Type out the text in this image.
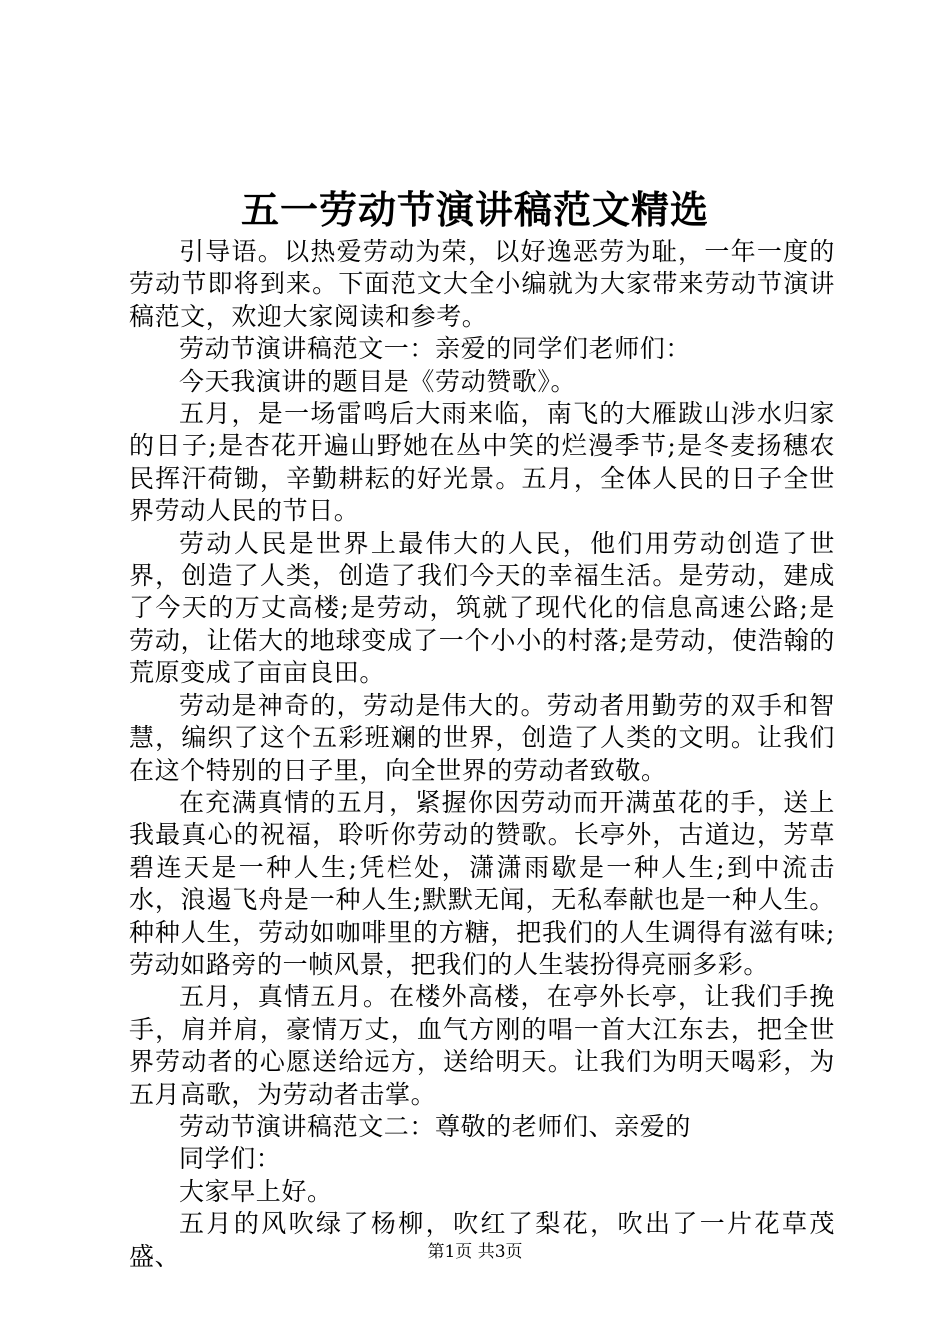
五一劳动节演讲稿范文精选

引导语。以热爱劳动为荣，以好逸恶劳为耻，一年一度的劳动节即将到来。下面范文大全小编就为大家带来劳动节演讲稿范文，欢迎大家阅读和参考。

劳动节演讲稿范文一：亲爱的同学们老师们：

今天我演讲的题目是《劳动赞歌》。

五月，是一场雷鸣后大雨来临，南飞的大雁跋山涉水归家的日子;是杏花开遍山野她在丛中笑的烂漫季节;是冬麦扬穗农民挥汗荷锄，辛勤耕耘的好光景。五月，全体人民的日子全世界劳动人民的节日。

劳动人民是世界上最伟大的人民，他们用劳动创造了世界，创造了人类，创造了我们今天的幸福生活。是劳动，建成了今天的万丈高楼;是劳动，筑就了现代化的信息高速公路;是劳动，让偌大的地球变成了一个小小的村落;是劳动，使浩翰的荒原变成了亩亩良田。

劳动是神奇的，劳动是伟大的。劳动者用勤劳的双手和智慧，编织了这个五彩班斓的世界，创造了人类的文明。让我们在这个特别的日子里，向全世界的劳动者致敬。

在充满真情的五月，紧握你因劳动而开满茧花的手，送上我最真心的祝福，聆听你劳动的赞歌。长亭外，古道边，芳草碧连天是一种人生;凭栏处，潇潇雨歇是一种人生;到中流击水，浪遏飞舟是一种人生;默默无闻，无私奉献也是一种人生。种种人生，劳动如咖啡里的方糖，把我们的人生调得有滋有味;劳动如路旁的一帧风景，把我们的人生装扮得亮丽多彩。

五月，真情五月。在楼外高楼，在亭外长亭，让我们手挽手，肩并肩，豪情万丈，血气方刚的唱一首大江东去，把全世界劳动者的心愿送给远方，送给明天。让我们为明天喝彩，为五月高歌，为劳动者击掌。

劳动节演讲稿范文二：尊敬的老师们、亲爱的

同学们：

大家早上好。

五月的风吹绿了杨柳，吹红了梨花，吹出了一片花草茂盛、	第1页 共3页
